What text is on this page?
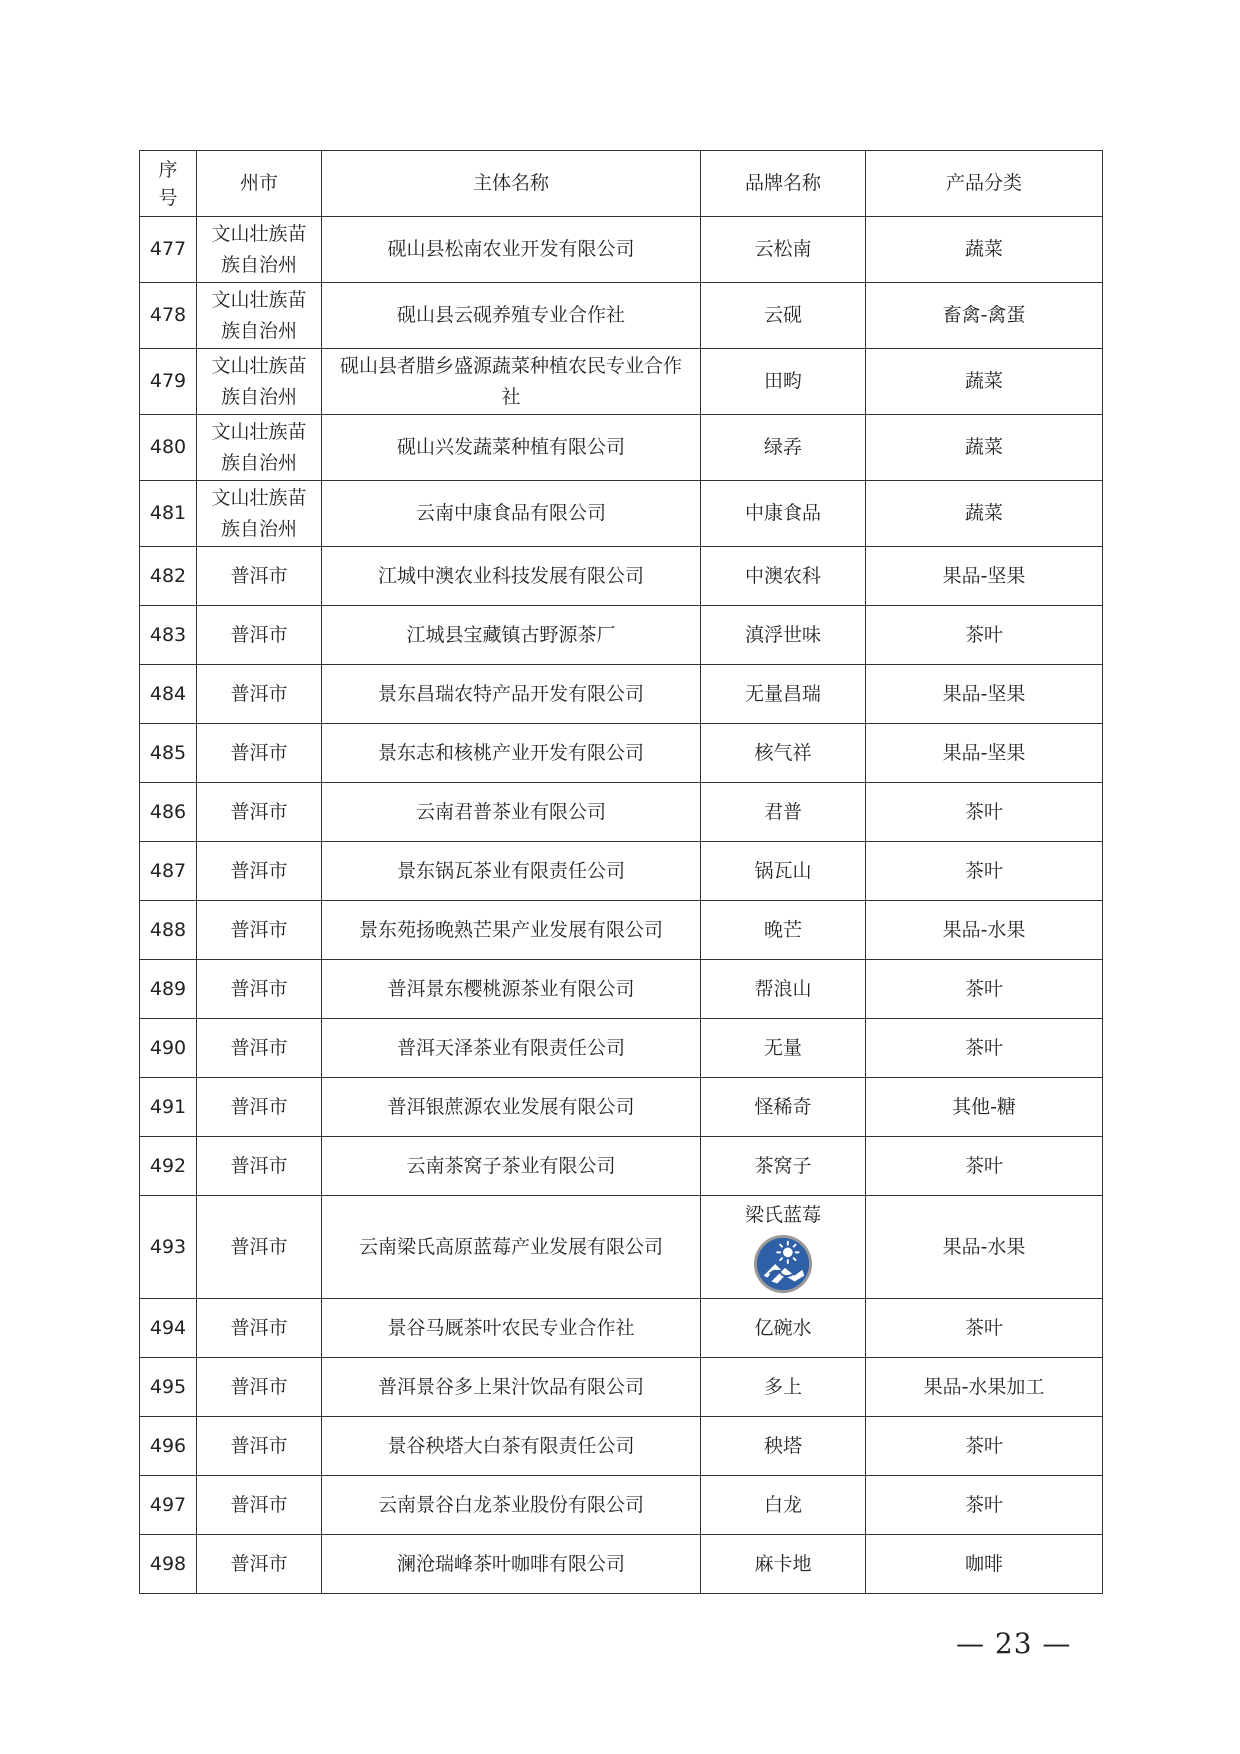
序号	州市	主体名称	品牌名称	产品分类
477	文山壮族苗族自治州	砚山县松南农业开发有限公司	云松南	蔬菜
478	文山壮族苗族自治州	砚山县云砚养殖专业合作社	云砚	畜禽-禽蛋
479	文山壮族苗族自治州	砚山县者腊乡盛源蔬菜种植农民专业合作社	田畇	蔬菜
480	文山壮族苗族自治州	砚山兴发蔬菜种植有限公司	绿孨	蔬菜
481	文山壮族苗族自治州	云南中康食品有限公司	中康食品	蔬菜
482	普洱市	江城中澳农业科技发展有限公司	中澳农科	果品-坚果
483	普洱市	江城县宝藏镇古野源茶厂	滇浮世味	茶叶
484	普洱市	景东昌瑞农特产品开发有限公司	无量昌瑞	果品-坚果
485	普洱市	景东志和核桃产业开发有限公司	核气祥	果品-坚果
486	普洱市	云南君普茶业有限公司	君普	茶叶
487	普洱市	景东锅瓦茶业有限责任公司	锅瓦山	茶叶
488	普洱市	景东苑扬晚熟芒果产业发展有限公司	晚芒	果品-水果
489	普洱市	普洱景东樱桃源茶业有限公司	帮浪山	茶叶
490	普洱市	普洱天泽茶业有限责任公司	无量	茶叶
491	普洱市	普洱银蔗源农业发展有限公司	怪稀奇	其他-糖
492	普洱市	云南茶窝子茶业有限公司	茶窝子	茶叶
493	普洱市	云南梁氏高原蓝莓产业发展有限公司	梁氏蓝莓	果品-水果
494	普洱市	景谷马厩茶叶农民专业合作社	亿碗水	茶叶
495	普洱市	普洱景谷多上果汁饮品有限公司	多上	果品-水果加工
496	普洱市	景谷秧塔大白茶有限责任公司	秧塔	茶叶
497	普洱市	云南景谷白龙茶业股份有限公司	白龙	茶叶
498	普洱市	澜沧瑞峰茶叶咖啡有限公司	麻卡地	咖啡
— 23 —
